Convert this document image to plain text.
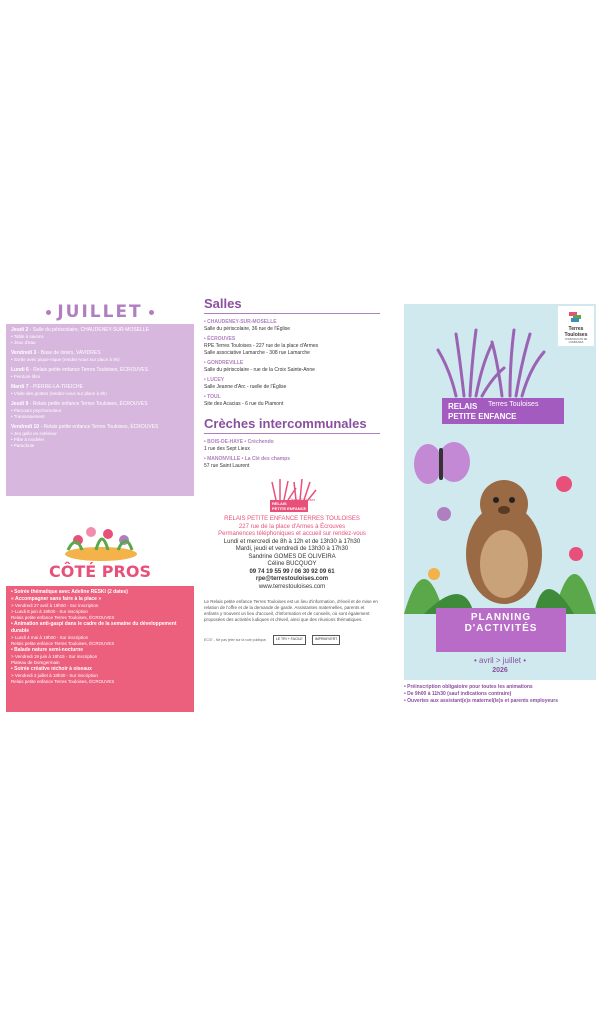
JUILLET
Jeudi 2 - Salle du périscolaire, CHAUDENEY-SUR-MOSELLE
• Table à savons
• Jeux d'eau
Vendredi 3 - Base de loisirs, VAVIDRES
• Sortie avec pique-nique (rendez-vous sur place à 9h)
Lundi 6 - Relais petite enfance Terres Touloises, ÉCROUVES
• Peinture libre
Mardi 7 - PIERRE-LA-TREICHE
• Visite des grottes (rendez-vous sur place à 9h)
Jeudi 9 - Relais petite enfance Terres Touloises, ÉCROUVES
• Parcours psychomoteur
• Transvasement
Vendredi 10 - Relais petite enfance Terres Touloises, ÉCROUVES
• Jeu gallo en extérieur
• Pâte à modeler
• Parachute
CÔTÉ PROS
• Soirée thématique avec Adeline RESKI (2 dates)
« Accompagner sans faire à la place »
> Vendredi 27 avril à 19h00 - Sur inscription
> Lundi 8 juin à 19h00 - Sur inscription
Relais petite enfance Terres Touloises, ÉCROUVES
• Animation anti-gaspi dans le cadre de la semaine du développement durable
> Lundi 4 mai à 19h00 - Sur inscription
Relais petite enfance Terres Touloises, ÉCROUVES
• Balade nature semi-nocturne
> Vendredi 19 juin à 18h15 - Sur inscription
Plateau de Domgermain
• Soirée créative nichoir à oiseaux
> Vendredi 3 juillet à 18h30 - Sur inscription
Relais petite enfance Terres Touloises, ÉCROUVES
Salles
• CHAUDENEY-SUR-MOSELLE
Salle du périscolaire, 36 rue de l'Église
• ÉCROUVES
RPE Terres Touloises - 227 rue de la place d'Armes
Salle associative Lamarche - 308 rue Lamarche
• GONDREVILLE
Salle du périscolaire - rue de la Croix Sainte-Anne
• LUCEY
Salle Jeanne d'Arc - ruelle de l'Église
• TOUL
Site des Acacias - 6 rue du Piamont
Crèches intercommunales
• BOIS-DE-HAYE • Crèchendo
1 rue des Sept Lieux
• MANONVILLE • La Clé des champs
57 rue Saint Laurent
RELAIS
PETITE ENFANCE
Terres Touloises
RELAIS PETITE ENFANCE TERRES TOULOISES
227 rue de la place d'Armes à Écrouves
Permanences téléphoniques et accueil sur rendez-vous
Lundi et mercredi de 8h à 12h et de 13h30 à 17h30
Mardi, jeudi et vendredi de 13h30 à 17h30
Sandrine GOMES DE OLIVEIRA
Céline BUCQUOY
09 74 19 55 99 / 06 30 92 09 61
rpe@terrestouloises.com
www.terrestouloises.com
Le Relais petite enfance Terres Touloises est un lieu d'information, d'éveil et de mise en relation de l'offre et de la demande de garde. Assistantes maternelles, parents et enfants y trouvent un lieu d'accueil, d'information et de conseils, où sont également proposées des activités ludiques et d'éveil, ainsi que des réunions thématiques.
EC07 - Ne pas jeter sur la voie publique.	LE TRI + FACILE	IMPRIM'VERT
Terres
Touloises
COMMUNAUTÉ DE COMMUNES
RELAIS Terres Touloises
PETITE ENFANCE
PLANNING
D'ACTIVITÉS
• avril > juillet •
2026
• Préinscription obligatoire pour toutes les animations
• De 9h00 à 11h30 (sauf indications contraire)
• Ouvertes aux assistant(e)s maternel(le)s et parents employeurs
